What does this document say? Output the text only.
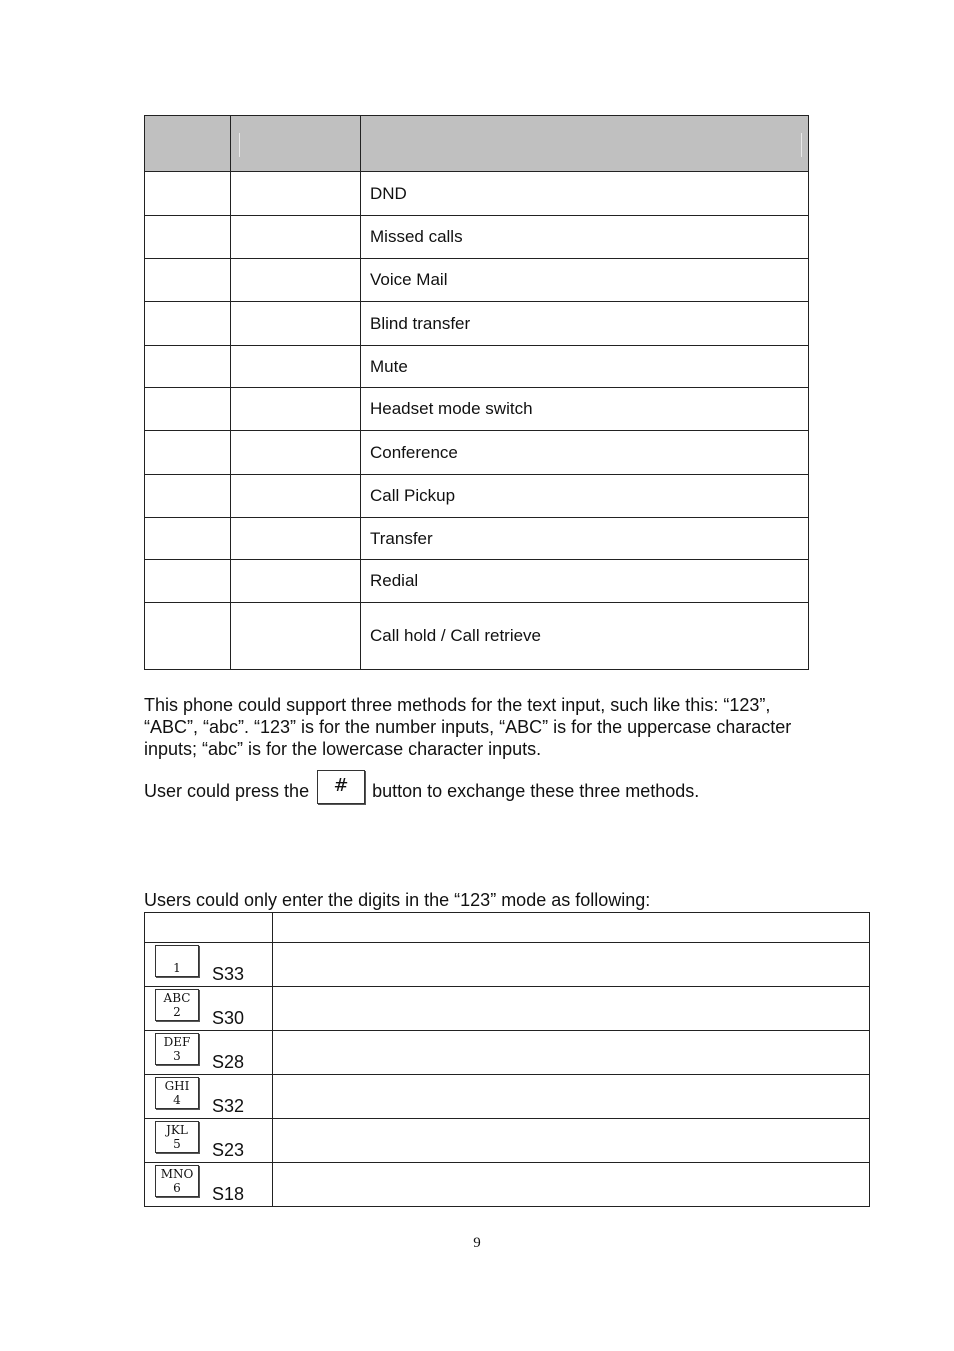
		DND
		Missed calls
		Voice Mail
		Blind transfer
		Mute
		Headset mode switch
		Conference
		Call Pickup
		Transfer
		Redial
		Call hold / Call retrieve

This phone could support three methods for the text input, such like this: “123”, “ABC”, “abc”. “123” is for the number inputs, “ABC” is for the uppercase character inputs; “abc” is for the lowercase character inputs.

User could press the # button to exchange these three methods.

Users could only enter the digits in the “123” mode as following:

1 S33	

ABC
2 S30	

DEF
3 S28	

GHI
4 S32	

JKL
5 S23	

MNO
6 S18	

9
